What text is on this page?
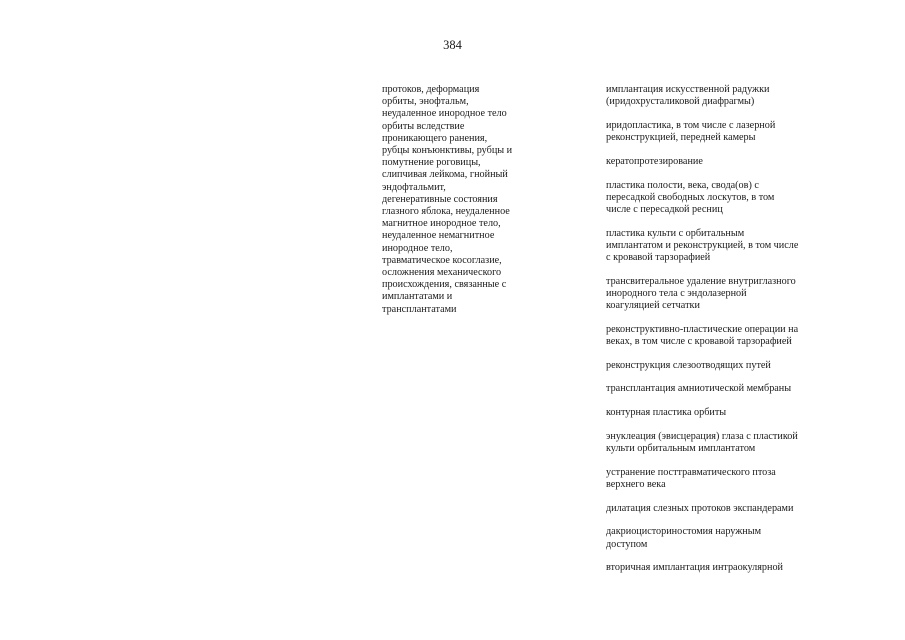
384
протоков, деформация
орбиты, энофтальм,
неудаленное инородное тело
орбиты вследствие
проникающего ранения,
рубцы конъюнктивы, рубцы и
помутнение роговицы,
слипчивая лейкома, гнойный
эндофтальмит,
дегенеративные состояния
глазного яблока, неудаленное
магнитное инородное тело,
неудаленное немагнитное
инородное тело,
травматическое косоглазие,
осложнения механического
происхождения, связанные с
имплантатами и
трансплантатами
имплантация искусственной радужки
(иридохрусталиковой диафрагмы)
иридопластика, в том числе с лазерной
реконструкцией, передней камеры
кератопротезирование
пластика полости, века, свода(ов) с
пересадкой свободных лоскутов, в том
числе с пересадкой ресниц
пластика культи с орбитальным
имплантатом и реконструкцией, в том числе
с кровавой тарзорафией
трансвитеральное удаление внутриглазного
инородного тела с эндолазерной
коагуляцией сетчатки
реконструктивно-пластические операции на
веках, в том числе с кровавой тарзорафией
реконструкция слезоотводящих путей
трансплантация амниотической мембраны
контурная пластика орбиты
энуклеация (эвисцерация) глаза с пластикой
культи орбитальным имплантатом
устранение посттравматического птоза
верхнего века
дилатация слезных протоков экспандерами
дакриоцисториностомия наружным
доступом
вторичная имплантация интраокулярной
